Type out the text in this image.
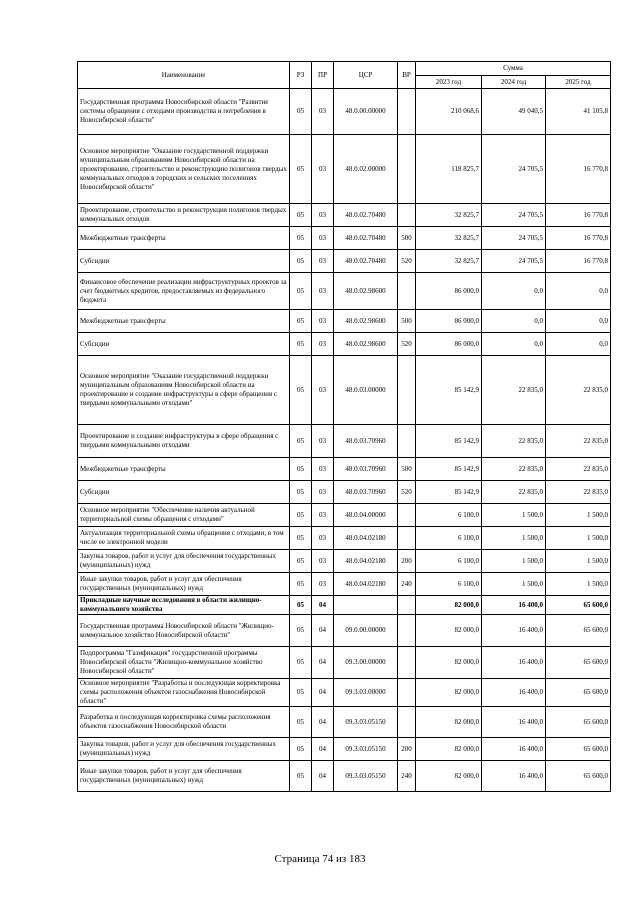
Наименование	РЗ	ПР	ЦСР	ВР	Сумма		
					2023 год	2024 год	2025 год
Государственная программа Новосибирской области "Развитие системы обращения с отходами производства и потребления в Новосибирской области"	05	03	48.0.00.00000		210 068,6	49 040,5	41 105,8
Основное мероприятие "Оказание государственной поддержки муниципальным образованиям Новосибирской области на проектирование, строительство и реконструкцию полигонов твердых коммунальных отходов в городских и сельских поселениях Новосибирской области"	05	03	48.0.02.00000		118 825,7	24 705,5	16 770,8
Проектирование, строительство и реконструкция полигонов твердых коммунальных отходов	05	03	48.0.02.70480		32 825,7	24 705,5	16 770,8
Межбюджетные трансферты	05	03	48.0.02.70480	500	32 825,7	24 705,5	16 770,8
Субсидии	05	03	48.0.02.70480	520	32 825,7	24 705,5	16 770,8
Финансовое обеспечение реализации инфраструктурных проектов за счет бюджетных кредитов, предоставляемых из федерального бюджета	05	03	48.0.02.98600		86 000,0	0,0	0,0
Межбюджетные трансферты	05	03	48.0.02.98600	500	86 000,0	0,0	0,0
Субсидии	05	03	48.0.02.98600	520	86 000,0	0,0	0,0
Основное мероприятие "Оказание государственной поддержки муниципальным образованиям Новосибирской области на проектирование и создание инфраструктуры в сфере обращения с твердыми коммунальными отходами"	05	03	48.0.03.00000		85 142,9	22 835,0	22 835,0
Проектирование и создание инфраструктуры в сфере обращения с твердыми коммунальными отходами	05	03	48.0.03.70960		85 142,9	22 835,0	22 835,0
Межбюджетные трансферты	05	03	48.0.03.70960	500	85 142,9	22 835,0	22 835,0
Субсидии	05	03	48.0.03.70960	520	85 142,9	22 835,0	22 835,0
Основное мероприятие "Обеспечение наличия актуальной территориальной схемы обращения с отходами"	05	03	48.0.04.00000		6 100,0	1 500,0	1 500,0
Актуализация территориальной схемы обращения с отходами, в том числе ее электронной модели	05	03	48.0.04.02180		6 100,0	1 500,0	1 500,0
Закупка товаров, работ и услуг для обеспечения государственных (муниципальных) нужд	05	03	48.0.04.02180	200	6 100,0	1 500,0	1 500,0
Иные закупки товаров, работ и услуг для обеспечения государственных (муниципальных) нужд	05	03	48.0.04.02180	240	6 100,0	1 500,0	1 500,0
Прикладные научные исследования в области жилищно-коммунального хозяйства	05	04			82 000,0	16 400,0	65 600,0
Государственная программа Новосибирской области "Жилищно-коммунальное хозяйство Новосибирской области"	05	04	09.0.00.00000		82 000,0	16 400,0	65 600,0
Подпрограмма "Газификация" государственной программы Новосибирской области "Жилищно-коммунальное хозяйство Новосибирской области"	05	04	09.3.00.00000		82 000,0	16 400,0	65 600,0
Основное мероприятие "Разработка и последующая корректировка схемы расположения объектов газоснабжения Новосибирской области"	05	04	09.3.03.00000		82 000,0	16 400,0	65 600,0
Разработка и последующая корректировка схемы расположения объектов газоснабжения Новосибирской области	05	04	09.3.03.05150		82 000,0	16 400,0	65 600,0
Закупка товаров, работ и услуг для обеспечения государственных (муниципальных) нужд	05	04	09.3.03.05150	200	82 000,0	16 400,0	65 600,0
Иные закупки товаров, работ и услуг для обеспечения государственных (муниципальных) нужд	05	04	09.3.03.05150	240	82 000,0	16 400,0	65 600,0
Страница 74 из 183
